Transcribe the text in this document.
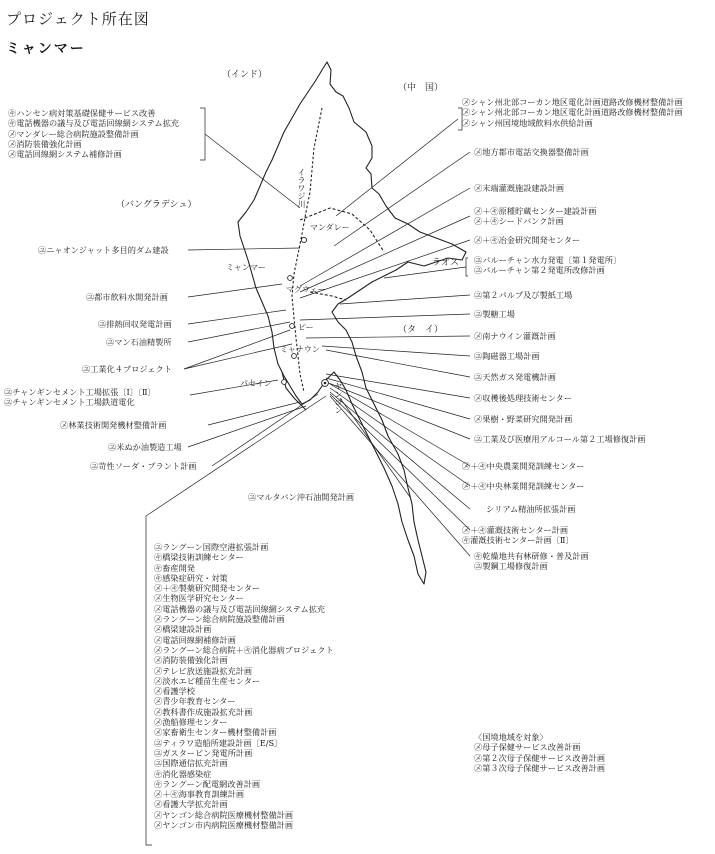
プロジェクト所在図
ミャンマー
（インド）
（中　国）
（バングラデシュ）
ラオス
（タ　イ）
イラワジ川
マンダレー
ミャンマー
マグウェー
ピー
ミャナウン
パセイン	ヤンゴン
㋖ハンセン病対策基礎保健サービス改善
㋖電話機器の議与及び電話回線網システム拡充
㋱マンダレー総合病院施設整備計画
㋱消防装備強化計画
㋱電話回線網システム補修計画
㋴ニャオンジャット多目的ダム建設
㋴都市飲料水開発計画
㋴排熱回収発電計画
㋴マン石油精製所
㋴工業化４プロジェクト
㋴チャンギンセメント工場拡張〔Ⅰ〕〔Ⅱ〕
㋴チャンギンセメント工場鉄道電化
㋱林業技術開発機材整備計画
㋴米ぬか油製造工場
㋴苛性ソーダ・プラント計画
㋱シャン州北部コーカン地区電化計画道路改修機材整備計画
㋱シャン州北部コーカン地区電化計画道路改修機材整備計画
㋱シャン州国境地域飲料水供給計画
㋱地方都市電話交換器整備計画
㋱末端灌漑施設建設計画
㋱＋㋖原種貯蔵センター建設計画
㋱＋㋖シードバンク計画
㋱＋㋖冶金研究開発センター
㋴バルーチャン水力発電〔第１発電所〕
㋴バルーチャン第２発電所改修計画
㋴第２パルプ及び製紙工場
㋴製糖工場
㋱南ナウイン灌漑計画
㋴陶磁器工場計画
㋴天然ガス発電機計画
㋱収穫後処理技術センター
㋱果樹・野菜研究開発計画
㋴工業及び医療用アルコール第２工場修復計画
㋱＋㋖中央農業開発訓練センター
㋱＋㋖中央林業開発訓練センター
シリアム精油所拡張計画
㋱＋㋖灌漑技術センター計画
㋖灌漑技術センター計画〔Ⅱ〕
㋖乾燥地共有林研修・普及計画
㋴製鋼工場修復計画
㋴マルタバン沖石油開発計画
㋴ラングーン国際空港拡張計画
㋖橋梁技術訓練センター
㋖畜産開発
㋖感染症研究・対策
㋱＋㋖製薬研究開発センター
㋱生物医学研究センター
㋱電話機器の議与及び電話回線網システム拡充
㋱ラングーン総合病院施設整備計画
㋱橋梁建設計画
㋱電話回線網補修計画
㋱ラングーン総合病院＋㋖消化器病プロジェクト
㋱消防装備強化計画
㋱テレビ放送施設拡充計画
㋱淡水エビ種苗生産センター
㋱看護学校
㋱青少年教育センター
㋱教科書作成施設拡充計画
㋱漁船修理センター
㋱家畜衛生センター機材整備計画
㋴ティラワ造船所建設計画〔E/S〕
㋴ガスタービン発電所計画
㋴国際通信拡充計画
㋖消化器感染症
㋖ラングーン配電網改善計画
㋱＋㋖海事教育訓練計画
㋱看護大学拡充計画
㋱ヤンゴン総合病院医療機材整備計画
㋱ヤンゴン市内病院医療機材整備計画
〈国境地域を対象〉
㋱母子保健サービス改善計画
㋱第２次母子保健サービス改善計画
㋱第３次母子保健サービス改善計画
